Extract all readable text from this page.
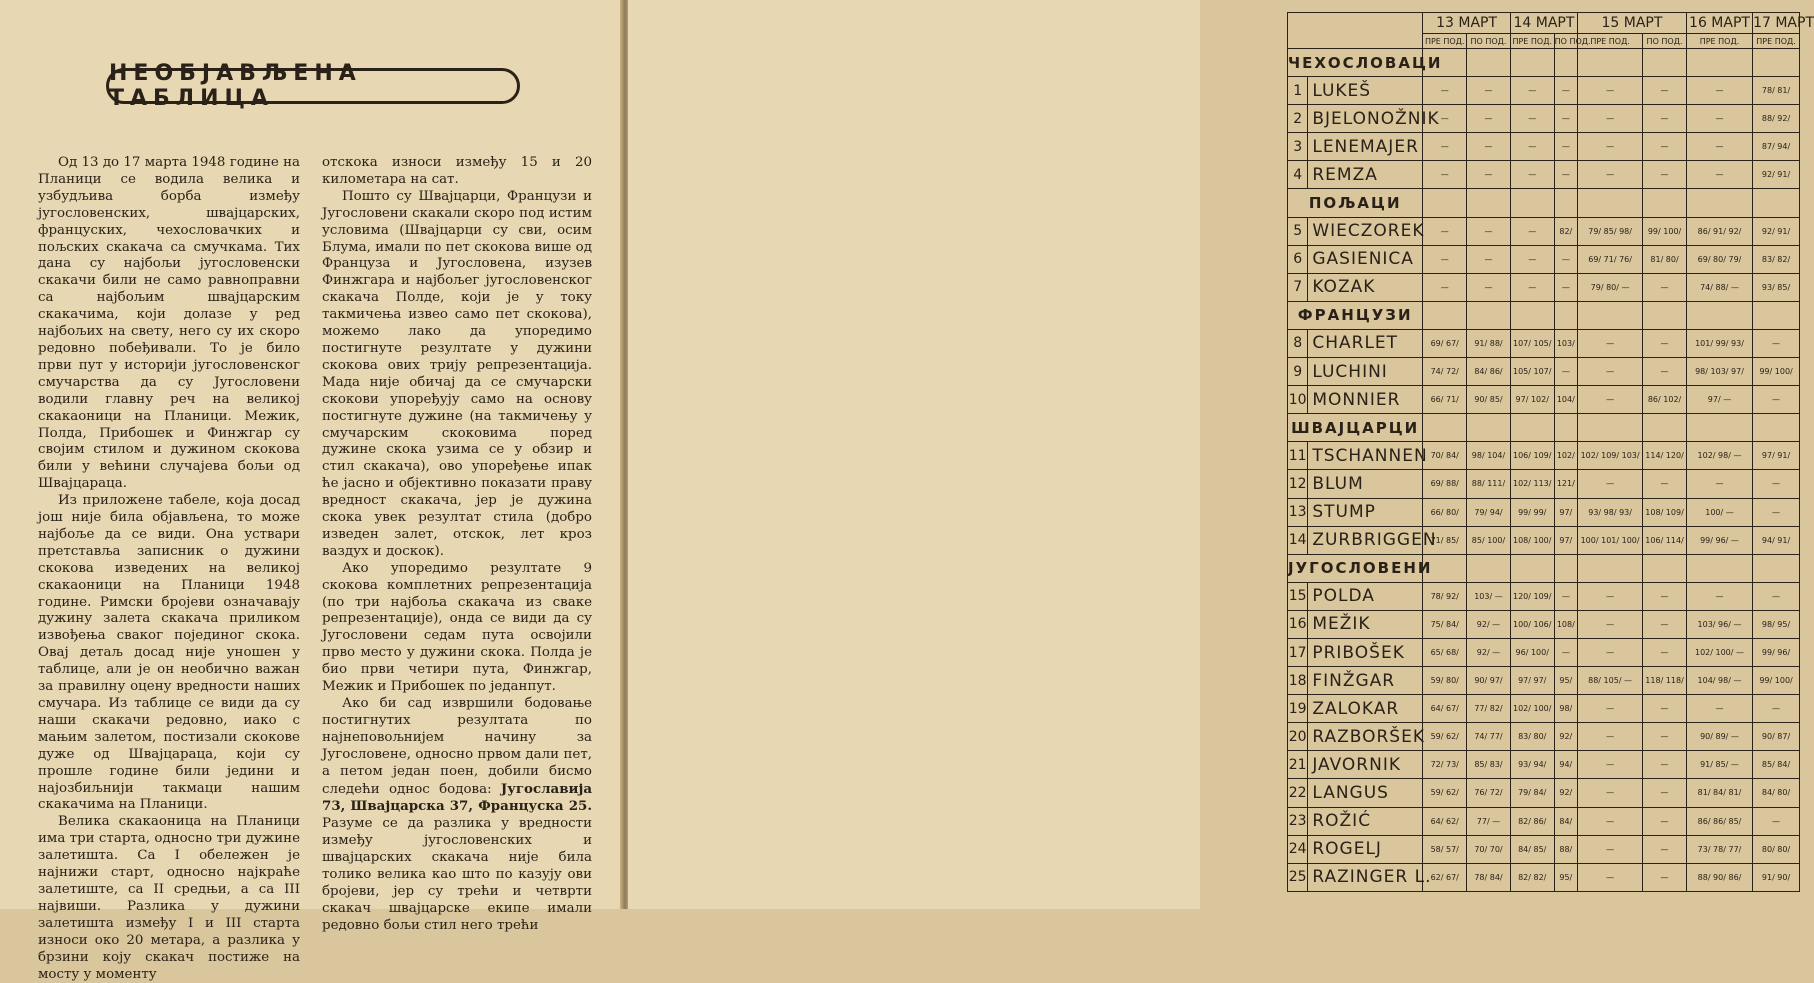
НЕОБЈАВЉЕНА ТАБЛИЦА

Од 13 до 17 марта 1948 године на Планици се водила велика и узбудљива борба између југословенских, швајцарских, француских, чехословачких и пољских скакача са смучкама. Тих дана су најбољи југословенски скакачи били не само равноправни са најбољим швајцарским скакачима, који долазе у ред најбољих на свету, него су их скоро редовно побеђивали. То је било први пут у историји југословенског смучарства да су Југословени водили главну реч на великој скакаоници на Планици. Межик, Полда, Прибошек и Финжгар су својим стилом и дужином скокова били у већини случајева бољи од Швајцараца.

Из приложене табеле, која досад још није била објављена, то може најбоље да се види. Она уствари претставља записник о дужини скокова изведених на великој скакаоници на Планици 1948 године. Римски бројеви означавају дужину залета скакача приликом извођења сваког појединог скока. Овај детаљ досад није уношен у таблице, али је он необично важан за правилну оцену вредности наших смучара. Из таблице се види да су наши скакачи редовно, иако с мањим залетом, постизали скокове дуже од Швајцараца, који су прошле године били једини и најозбиљнији такмаци нашим скакачима на Планици.

Велика скакаоница на Планици има три старта, односно три дужине залетишта. Са I обележен је најнижи старт, односно најкраће залетиште, са II средњи, а са III највиши. Разлика у дужини залетишта између I и III старта износи око 20 метара, а разлика у брзини коју скакач постиже на мосту у моменту

отскока износи између 15 и 20 километара на сат.

Пошто су Швајцарци, Французи и Југословени скакали скоро под истим условима (Швајцарци су сви, осим Блума, имали по пет скокова више од Француза и Југословена, изузев Финжгара и најбољег југословенског скакача Полде, који је у току такмичења извео само пет скокова), можемо лако да упоредимо постигнуте резултате у дужини скокова ових трију репрезентација. Мада није обичај да се смучарски скокови упоређују само на основу постигнуте дужине (на такмичењу у смучарским скоковима поред дужине скока узима се у обзир и стил скакача), ово упоређење ипак ће јасно и објективно показати праву вредност скакача, јер је дужина скока увек резултат стила (добро изведен залет, отскок, лет кроз ваздух и доскок).

Ако упоредимо резултате 9 скокова комплетних репрезентација (по три најбоља скакача из сваке репрезентације), онда се види да су Југословени седам пута освојили прво место у дужини скока. Полда је био први четири пута, Финжгар, Межик и Прибошек по једанпут.

Ако би сад извршили бодовање постигнутих резултата по најнеповољнијем начину за Југословене, односно првом дали пет, а петом један поен, добили бисмо следећи однос бодова: Југославија 73, Швајцарска 37, Француска 25. Разуме се да разлика у вредности између југословенских и швајцарских скакача није била толико велика као што по казују ови бројеви, јер су трећи и четврти скакач швајцарске екипе имали редовно бољи стил него трећи

		13 МАРТ		14 МАРТ		15 МАРТ		16 МАРТ	17 МАРТ
		ПРЕ ПОД.	ПО ПОД.	ПРЕ ПОД.	ПО ПОД.	ПРЕ ПОД.	ПО ПОД.	ПРЕ ПОД.	ПРЕ ПОД.
ЧЕХОСЛОВАЦИ									
1	LUKEŠ	—	—	—	—	—	—	—	78/ 81/
2	BJELONOŽNIK	—	—	—	—	—	—	—	88/ 92/
3	LENEMAJER	—	—	—	—	—	—	—	87/ 94/
4	REMZA	—	—	—	—	—	—	—	92/ 91/
ПОЉАЦИ									
5	WIECZOREK	—	—	—	82/	79/ 85/ 98/	99/ 100/	86/ 91/ 92/	92/ 91/
6	GASIENICA	—	—	—	—	69/ 71/ 76/	81/ 80/	69/ 80/ 79/	83/ 82/
7	KOZAK	—	—	—	—	79/ 80/ —	—	74/ 88/ —	93/ 85/
ФРАНЦУЗИ									
8	CHARLET	69/ 67/	91/ 88/	107/ 105/	103/	—	—	101/ 99/ 93/	—
9	LUCHINI	74/ 72/	84/ 86/	105/ 107/	—	—	—	98/ 103/ 97/	99/ 100/
10	MONNIER	66/ 71/	90/ 85/	97/ 102/	104/	—	86/ 102/	97/ —	—
ШВАЈЦАРЦИ									
11	TSCHANNEN	70/ 84/	98/ 104/	106/ 109/	102/	102/ 109/ 103/	114/ 120/	102/ 98/ —	97/ 91/
12	BLUM	69/ 88/	88/ 111/	102/ 113/	121/	—	—	—	—
13	STUMP	66/ 80/	79/ 94/	99/ 99/	97/	93/ 98/ 93/	108/ 109/	100/ —	—
14	ZURBRIGGEN	71/ 85/	85/ 100/	108/ 100/	97/	100/ 101/ 100/	106/ 114/	99/ 96/ —	94/ 91/
ЈУГОСЛОВЕНИ									
15	POLDA	78/ 92/	103/ —	120/ 109/	—	—	—	—	—
16	MEŽIK	75/ 84/	92/ —	100/ 106/	108/	—	—	103/ 96/ —	98/ 95/
17	PRIBOŠEK	65/ 68/	92/ —	96/ 100/	—	—	—	102/ 100/ —	99/ 96/
18	FINŽGAR	59/ 80/	90/ 97/	97/ 97/	95/	88/ 105/ —	118/ 118/	104/ 98/ —	99/ 100/
19	ZALOKAR	64/ 67/	77/ 82/	102/ 100/	98/	—	—	—	—
20	RAZBORŠEK	59/ 62/	74/ 77/	83/ 80/	92/	—	—	90/ 89/ —	90/ 87/
21	JAVORNIK	72/ 73/	85/ 83/	93/ 94/	94/	—	—	91/ 85/ —	85/ 84/
22	LANGUS	59/ 62/	76/ 72/	79/ 84/	92/	—	—	81/ 84/ 81/	84/ 80/
23	ROŽIĆ	64/ 62/	77/ —	82/ 86/	84/	—	—	86/ 86/ 85/	—
24	ROGELJ	58/ 57/	70/ 70/	84/ 85/	88/	—	—	73/ 78/ 77/	80/ 80/
25	RAZINGER L.	62/ 67/	78/ 84/	82/ 82/	95/	—	—	88/ 90/ 86/	91/ 90/
